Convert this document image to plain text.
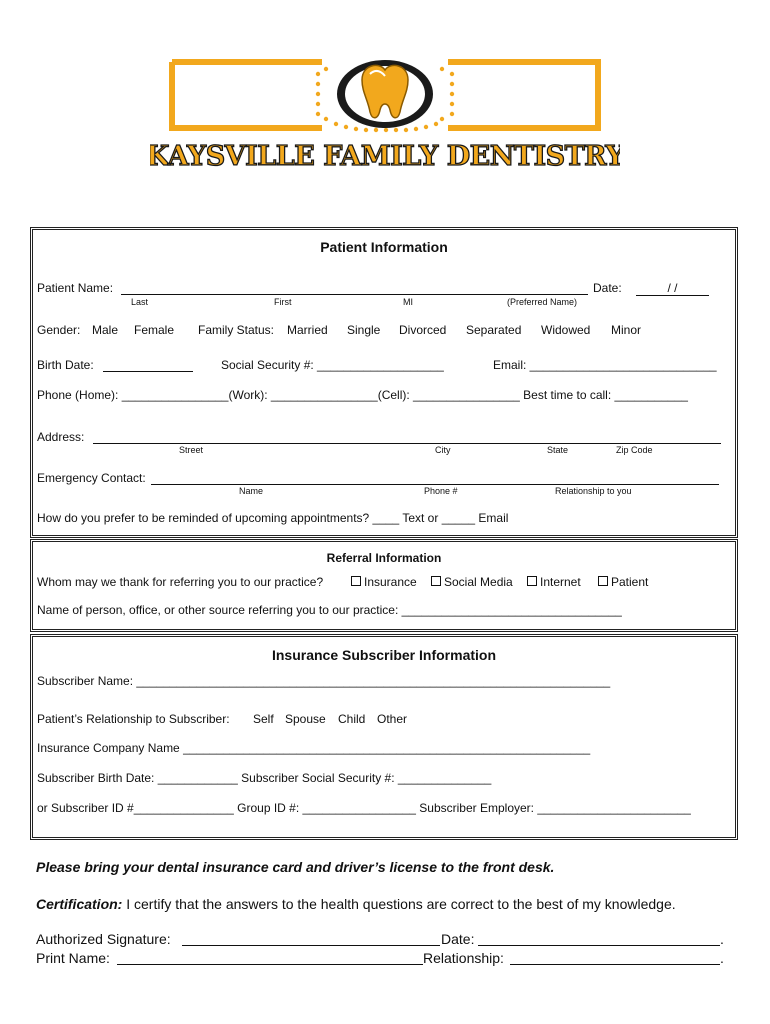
KAYSVILLE FAMILY DENTISTRY
Patient Information
Patient Name:	Date:	/ /
Last	First	MI	(Preferred Name)
Gender: Male Female Family Status: Married Single Divorced Separated Widowed Minor
Birth Date:	Social Security #: ___________________	Email: ____________________________
Phone (Home): ________________(Work): ________________(Cell): ________________ Best time to call: ___________
Address:
Street	City	State	Zip Code
Emergency Contact:
Name	Phone #	Relationship to you
How do you prefer to be reminded of upcoming appointments? ____ Text or _____ Email
Referral Information
Whom may we thank for referring you to our practice?	Insurance	Social Media	Internet	Patient
Name of person, office, or other source referring you to our practice: _________________________________
Insurance Subscriber Information
Subscriber Name: _______________________________________________________________________
Patient’s Relationship to Subscriber: Self Spouse Child Other
Insurance Company Name _____________________________________________________________
Subscriber Birth Date: ____________ Subscriber Social Security #: ______________
or Subscriber ID #_______________ Group ID #: _________________ Subscriber Employer: _______________________
Please bring your dental insurance card and driver’s license to the front desk.
Certification: I certify that the answers to the health questions are correct to the best of my knowledge.
Authorized Signature:	Date:	.
Print Name:	Relationship:	.
